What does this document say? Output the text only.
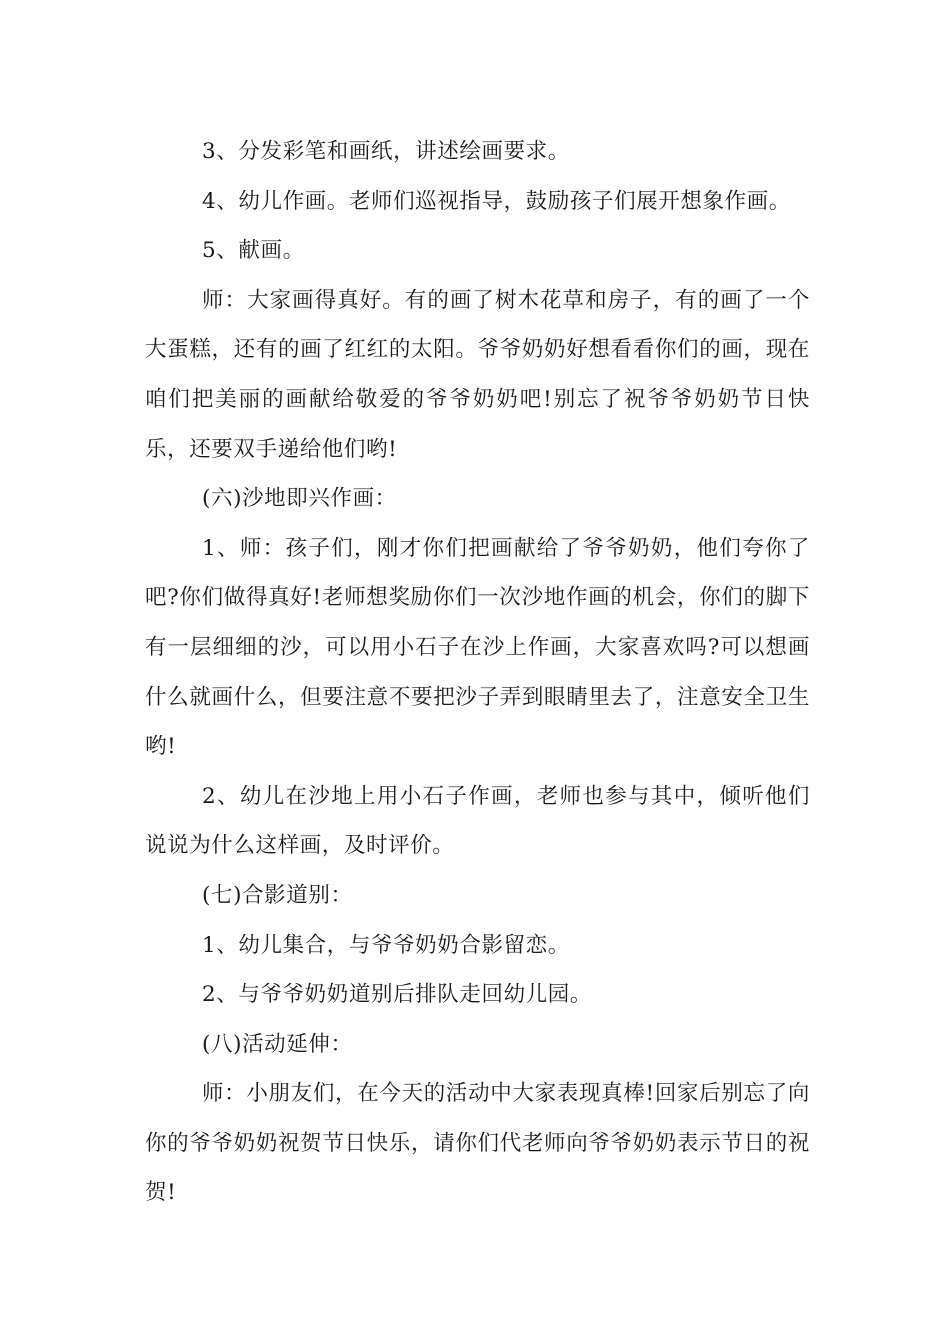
3、分发彩笔和画纸，讲述绘画要求。

4、幼儿作画。老师们巡视指导，鼓励孩子们展开想象作画。

5、献画。

师：大家画得真好。有的画了树木花草和房子，有的画了一个大蛋糕，还有的画了红红的太阳。爷爷奶奶好想看看你们的画，现在咱们把美丽的画献给敬爱的爷爷奶奶吧!别忘了祝爷爷奶奶节日快乐，还要双手递给他们哟!

(六)沙地即兴作画：

1、师：孩子们，刚才你们把画献给了爷爷奶奶，他们夸你了吧?你们做得真好!老师想奖励你们一次沙地作画的机会，你们的脚下有一层细细的沙，可以用小石子在沙上作画，大家喜欢吗?可以想画什么就画什么，但要注意不要把沙子弄到眼睛里去了，注意安全卫生哟!

2、幼儿在沙地上用小石子作画，老师也参与其中，倾听他们说说为什么这样画，及时评价。

(七)合影道别：

1、幼儿集合，与爷爷奶奶合影留恋。

2、与爷爷奶奶道别后排队走回幼儿园。

(八)活动延伸：

师：小朋友们，在今天的活动中大家表现真棒!回家后别忘了向你的爷爷奶奶祝贺节日快乐，请你们代老师向爷爷奶奶表示节日的祝贺!
